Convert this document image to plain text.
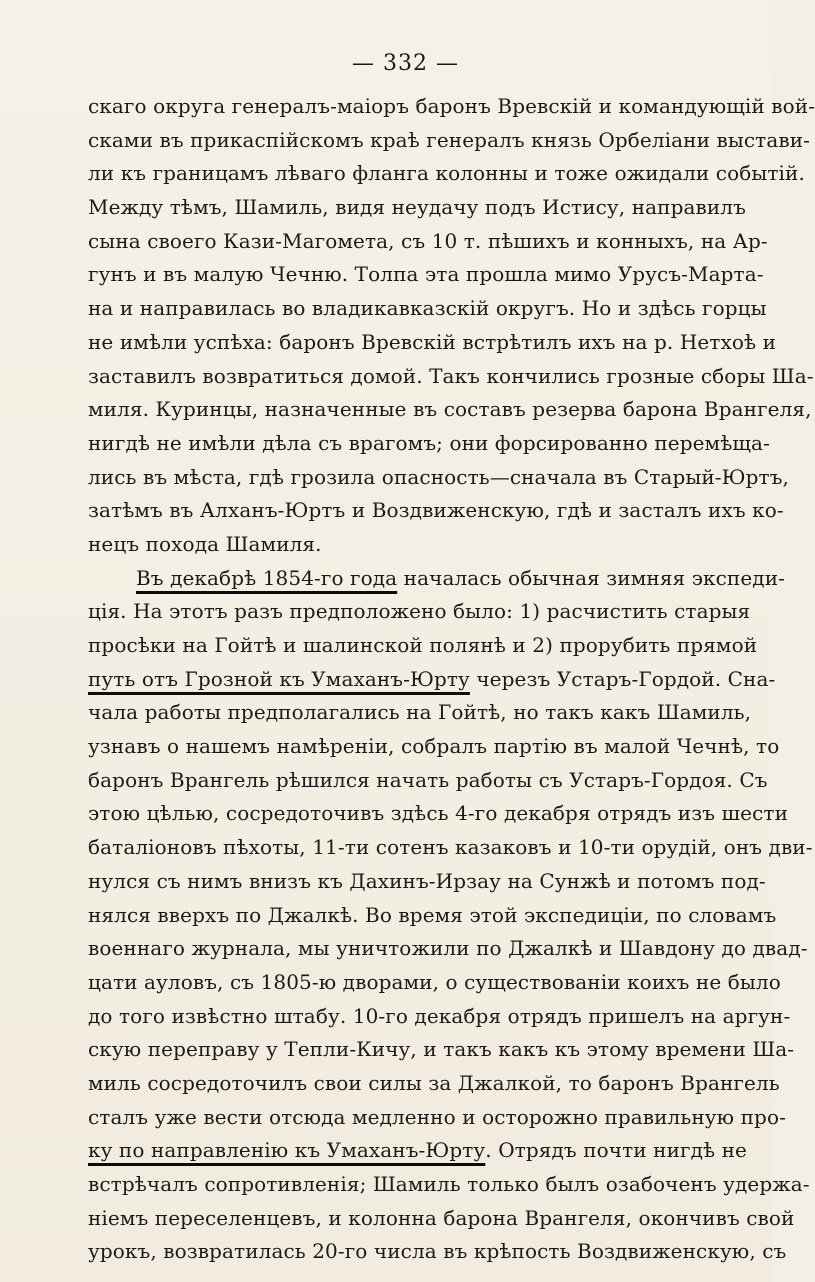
— 332 —
скаго округа генералъ-маіоръ баронъ Вревскій и командующій вой-
сками въ прикаспійскомъ краѣ генералъ князь Орбеліани выстави-
ли къ границамъ лѣваго фланга колонны и тоже ожидали событій.
Между тѣмъ, Шамиль, видя неудачу подъ Истису, направилъ
сына своего Кази-Магомета, съ 10 т. пѣшихъ и конныхъ, на Ар-
гунъ и въ малую Чечню. Толпа эта прошла мимо Урусъ-Марта-
на и направилась во владикавказскій округъ. Но и здѣсь горцы
не имѣли успѣха: баронъ Вревскій встрѣтилъ ихъ на р. Нетхоѣ и
заставилъ возвратиться домой. Такъ кончились грозные сборы Ша-
миля. Куринцы, назначенные въ составъ резерва барона Врангеля,
нигдѣ не имѣли дѣла съ врагомъ; они форсированно перемѣща-
лись въ мѣста, гдѣ грозила опасность—сначала въ Старый-Юртъ,
затѣмъ въ Алханъ-Юртъ и Воздвиженскую, гдѣ и засталъ ихъ ко-
нецъ похода Шамиля.
Въ декабрѣ 1854-го года началась обычная зимняя экспеди-
ція. На этотъ разъ предположено было: 1) расчистить старыя
просѣки на Гойтѣ и шалинской полянѣ и 2) прорубить прямой
путь отъ Грозной къ Умаханъ-Юрту черезъ Устаръ-Гордой. Сна-
чала работы предполагались на Гойтѣ, но такъ какъ Шамиль,
узнавъ о нашемъ намѣреніи, собралъ партію въ малой Чечнѣ, то
баронъ Врангель рѣшился начать работы съ Устаръ-Гордоя. Съ
этою цѣлью, сосредоточивъ здѣсь 4-го декабря отрядъ изъ шести
баталіоновъ пѣхоты, 11-ти сотенъ казаковъ и 10-ти орудій, онъ дви-
нулся съ нимъ внизъ къ Дахинъ-Ирзау на Сунжѣ и потомъ под-
нялся вверхъ по Джалкѣ. Во время этой экспедиціи, по словамъ
военнаго журнала, мы уничтожили по Джалкѣ и Шавдону до двад-
цати ауловъ, съ 1805-ю дворами, о существованіи коихъ не было
до того извѣстно штабу. 10-го декабря отрядъ пришелъ на аргун-
скую переправу у Тепли-Кичу, и такъ какъ къ этому времени Ша-
миль сосредоточилъ свои силы за Джалкой, то баронъ Врангель
сталъ уже вести отсюда медленно и осторожно правильную про-
ку по направленію къ Умаханъ-Юрту. Отрядъ почти нигдѣ не
встрѣчалъ сопротивленія; Шамиль только былъ озабоченъ удержа-
ніемъ переселенцевъ, и колонна барона Врангеля, окончивъ свой
урокъ, возвратилась 20-го числа въ крѣпость Воздвиженскую, съ
